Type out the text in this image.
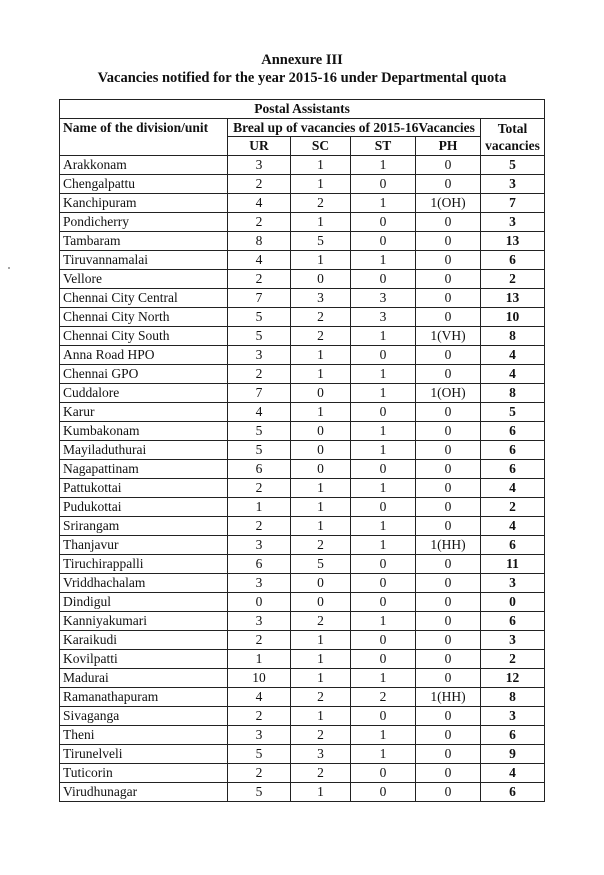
Annexure III
Vacancies notified for the year 2015-16 under Departmental quota
Postal Assistants					
Name of the division/unit	Breal up of vacancies of 2015-16Vacancies				Total vacancies
	UR	SC	ST	PH	
Arakkonam	3	1	1	0	5
Chengalpattu	2	1	0	0	3
Kanchipuram	4	2	1	1(OH)	7
Pondicherry	2	1	0	0	3
Tambaram	8	5	0	0	13
Tiruvannamalai	4	1	1	0	6
Vellore	2	0	0	0	2
Chennai City Central	7	3	3	0	13
Chennai City North	5	2	3	0	10
Chennai City South	5	2	1	1(VH)	8
Anna Road HPO	3	1	0	0	4
Chennai GPO	2	1	1	0	4
Cuddalore	7	0	1	1(OH)	8
Karur	4	1	0	0	5
Kumbakonam	5	0	1	0	6
Mayiladuthurai	5	0	1	0	6
Nagapattinam	6	0	0	0	6
Pattukottai	2	1	1	0	4
Pudukottai	1	1	0	0	2
Srirangam	2	1	1	0	4
Thanjavur	3	2	1	1(HH)	6
Tiruchirappalli	6	5	0	0	11
Vriddhachalam	3	0	0	0	3
Dindigul	0	0	0	0	0
Kanniyakumari	3	2	1	0	6
Karaikudi	2	1	0	0	3
Kovilpatti	1	1	0	0	2
Madurai	10	1	1	0	12
Ramanathapuram	4	2	2	1(HH)	8
Sivaganga	2	1	0	0	3
Theni	3	2	1	0	6
Tirunelveli	5	3	1	0	9
Tuticorin	2	2	0	0	4
Virudhunagar	5	1	0	0	6
